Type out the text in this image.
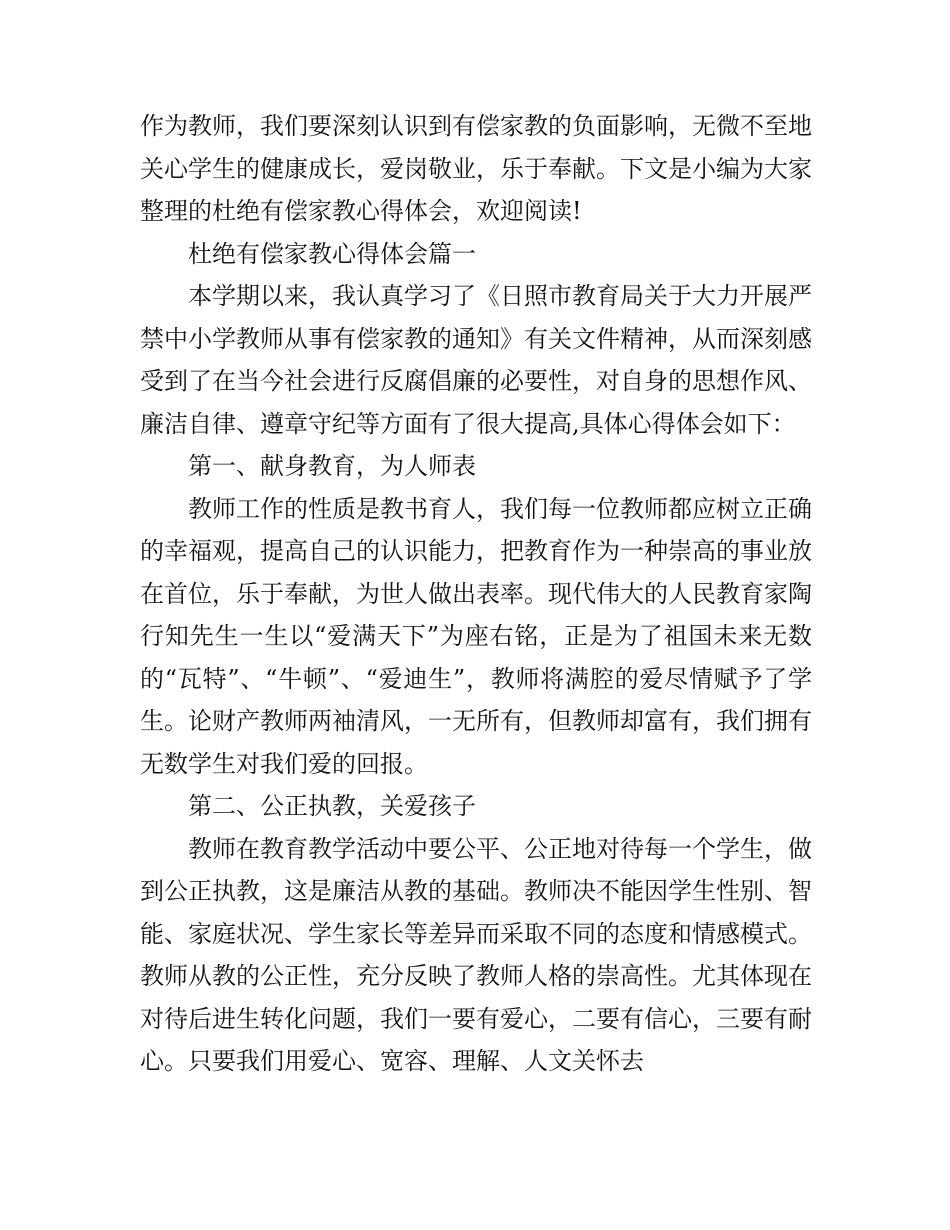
作为教师，我们要深刻认识到有偿家教的负面影响，无微不至地关心学生的健康成长，爱岗敬业，乐于奉献。下文是小编为大家整理的杜绝有偿家教心得体会，欢迎阅读!

杜绝有偿家教心得体会篇一

本学期以来，我认真学习了《日照市教育局关于大力开展严禁中小学教师从事有偿家教的通知》有关文件精神，从而深刻感受到了在当今社会进行反腐倡廉的必要性，对自身的思想作风、廉洁自律、遵章守纪等方面有了很大提高,具体心得体会如下：

第一、献身教育，为人师表

教师工作的性质是教书育人，我们每一位教师都应树立正确的幸福观，提高自己的认识能力，把教育作为一种崇高的事业放在首位，乐于奉献，为世人做出表率。现代伟大的人民教育家陶行知先生一生以“爱满天下”为座右铭，正是为了祖国未来无数的“瓦特”、“牛顿”、“爱迪生”，教师将满腔的爱尽情赋予了学生。论财产教师两袖清风，一无所有，但教师却富有，我们拥有无数学生对我们爱的回报。

第二、公正执教，关爱孩子

教师在教育教学活动中要公平、公正地对待每一个学生，做到公正执教，这是廉洁从教的基础。教师决不能因学生性别、智能、家庭状况、学生家长等差异而采取不同的态度和情感模式。教师从教的公正性，充分反映了教师人格的崇高性。尤其体现在对待后进生转化问题，我们一要有爱心，二要有信心，三要有耐心。只要我们用爱心、宽容、理解、人文关怀去
